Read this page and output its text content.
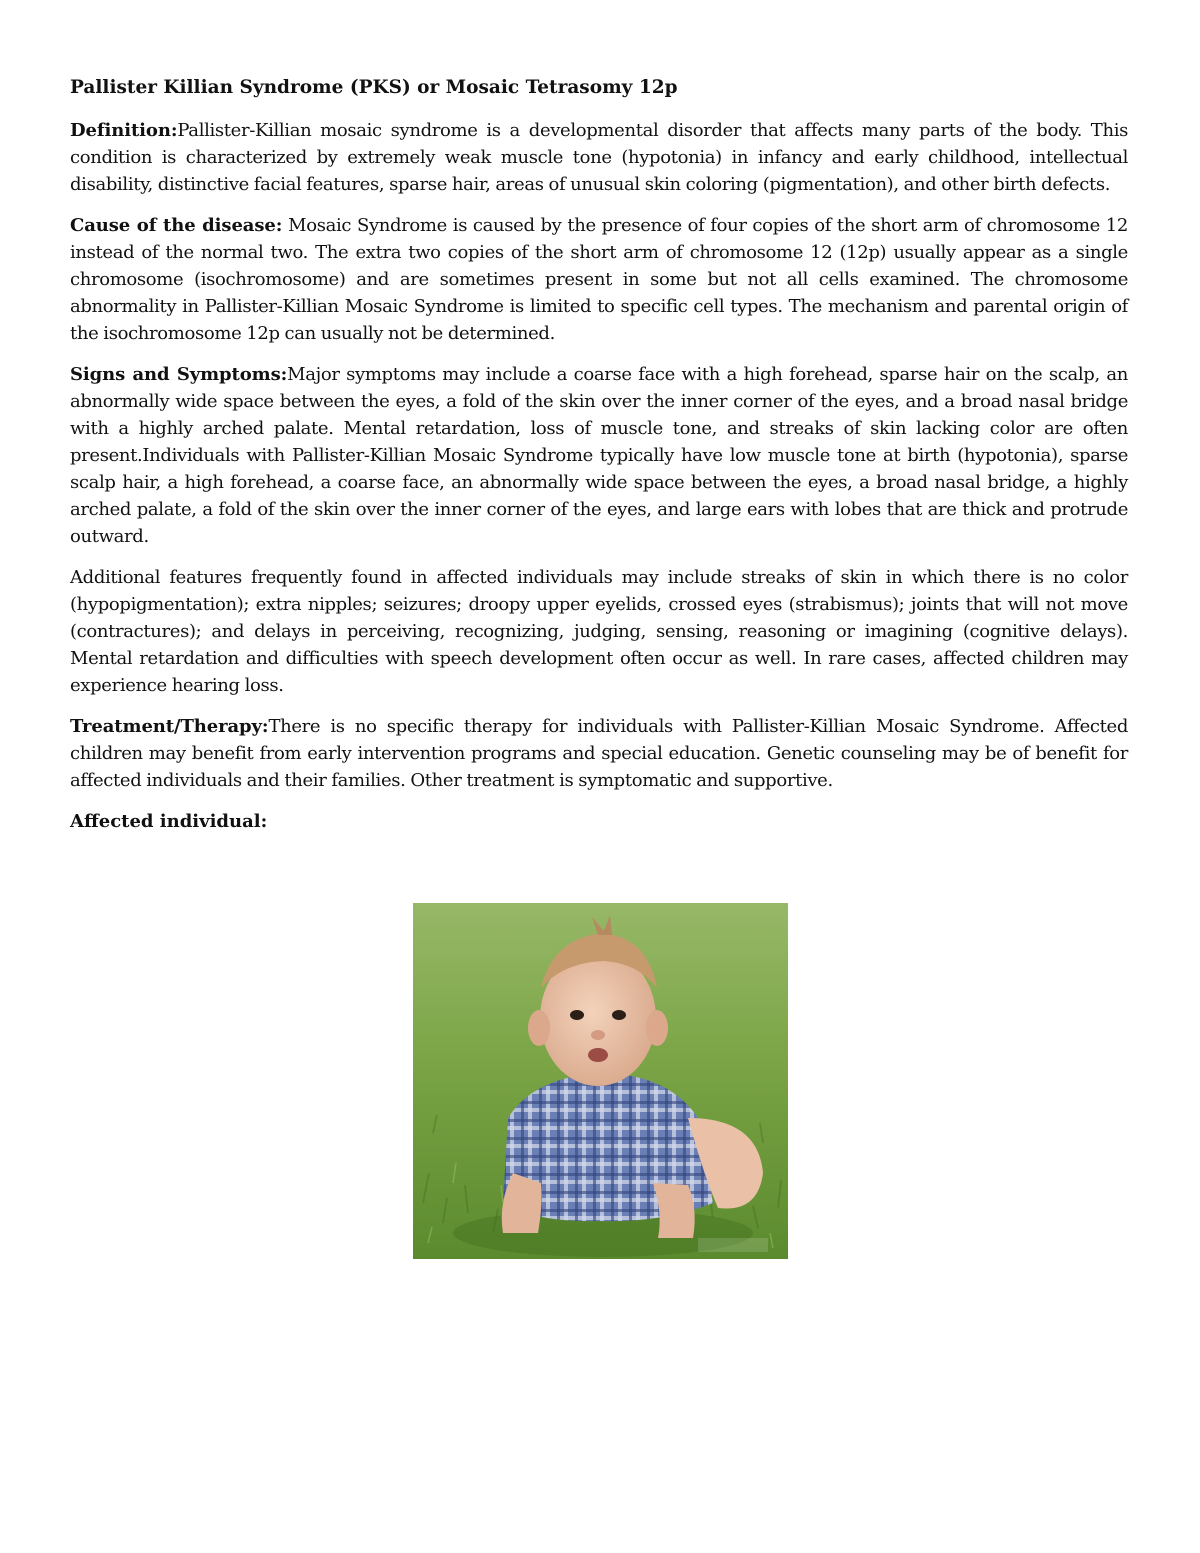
Pallister Killian Syndrome (PKS) or Mosaic Tetrasomy 12p

Definition:Pallister-Killian mosaic syndrome is a developmental disorder that affects many parts of the body. This condition is characterized by extremely weak muscle tone (hypotonia) in infancy and early childhood, intellectual disability, distinctive facial features, sparse hair, areas of unusual skin coloring (pigmentation), and other birth defects.

Cause of the disease: Mosaic Syndrome is caused by the presence of four copies of the short arm of chromosome 12 instead of the normal two. The extra two copies of the short arm of chromosome 12 (12p) usually appear as a single chromosome (isochromosome) and are sometimes present in some but not all cells examined. The chromosome abnormality in Pallister-Killian Mosaic Syndrome is limited to specific cell types. The mechanism and parental origin of the isochromosome 12p can usually not be determined.

Signs and Symptoms:Major symptoms may include a coarse face with a high forehead, sparse hair on the scalp, an abnormally wide space between the eyes, a fold of the skin over the inner corner of the eyes, and a broad nasal bridge with a highly arched palate. Mental retardation, loss of muscle tone, and streaks of skin lacking color are often present.Individuals with Pallister-Killian Mosaic Syndrome typically have low muscle tone at birth (hypotonia), sparse scalp hair, a high forehead, a coarse face, an abnormally wide space between the eyes, a broad nasal bridge, a highly arched palate, a fold of the skin over the inner corner of the eyes, and large ears with lobes that are thick and protrude outward.

Additional features frequently found in affected individuals may include streaks of skin in which there is no color (hypopigmentation); extra nipples; seizures; droopy upper eyelids, crossed eyes (strabismus); joints that will not move (contractures); and delays in perceiving, recognizing, judging, sensing, reasoning or imagining (cognitive delays). Mental retardation and difficulties with speech development often occur as well. In rare cases, affected children may experience hearing loss.

Treatment/Therapy:There is no specific therapy for individuals with Pallister-Killian Mosaic Syndrome. Affected children may benefit from early intervention programs and special education. Genetic counseling may be of benefit for affected individuals and their families. Other treatment is symptomatic and supportive.

Affected individual:
